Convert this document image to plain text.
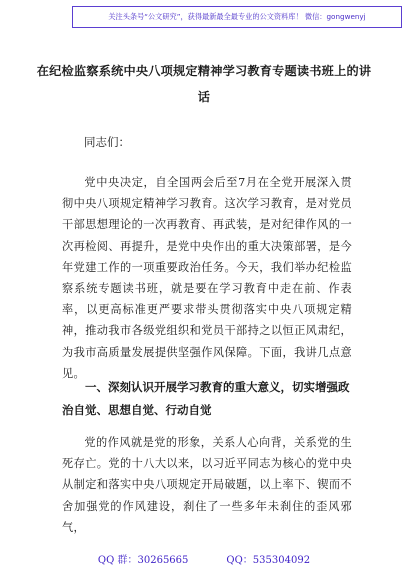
关注头条号“公文研究”，获得最新最全最专业的公文资料库！ 微信：gongwenyj
在纪检监察系统中央八项规定精神学习教育专题读书班上的讲话
同志们：

党中央决定，自全国两会后至7月在全党开展深入贯彻中央八项规定精神学习教育。这次学习教育，是对党员干部思想理论的一次再教育、再武装，是对纪律作风的一次再检阅、再提升，是党中央作出的重大决策部署，是今年党建工作的一项重要政治任务。今天，我们举办纪检监察系统专题读书班，就是要在学习教育中走在前、作表率，以更高标准更严要求带头贯彻落实中央八项规定精神，推动我市各级党组织和党员干部持之以恒正风肃纪，为我市高质量发展提供坚强作风保障。下面，我讲几点意见。

一、深刻认识开展学习教育的重大意义，切实增强政治自觉、思想自觉、行动自觉

党的作风就是党的形象，关系人心向背，关系党的生死存亡。党的十八大以来，以习近平同志为核心的党中央从制定和落实中央八项规定开局破题，以上率下、锲而不舍加强党的作风建设，刹住了一些多年未刹住的歪风邪气，

QQ 群：30265665	QQ：535304092
